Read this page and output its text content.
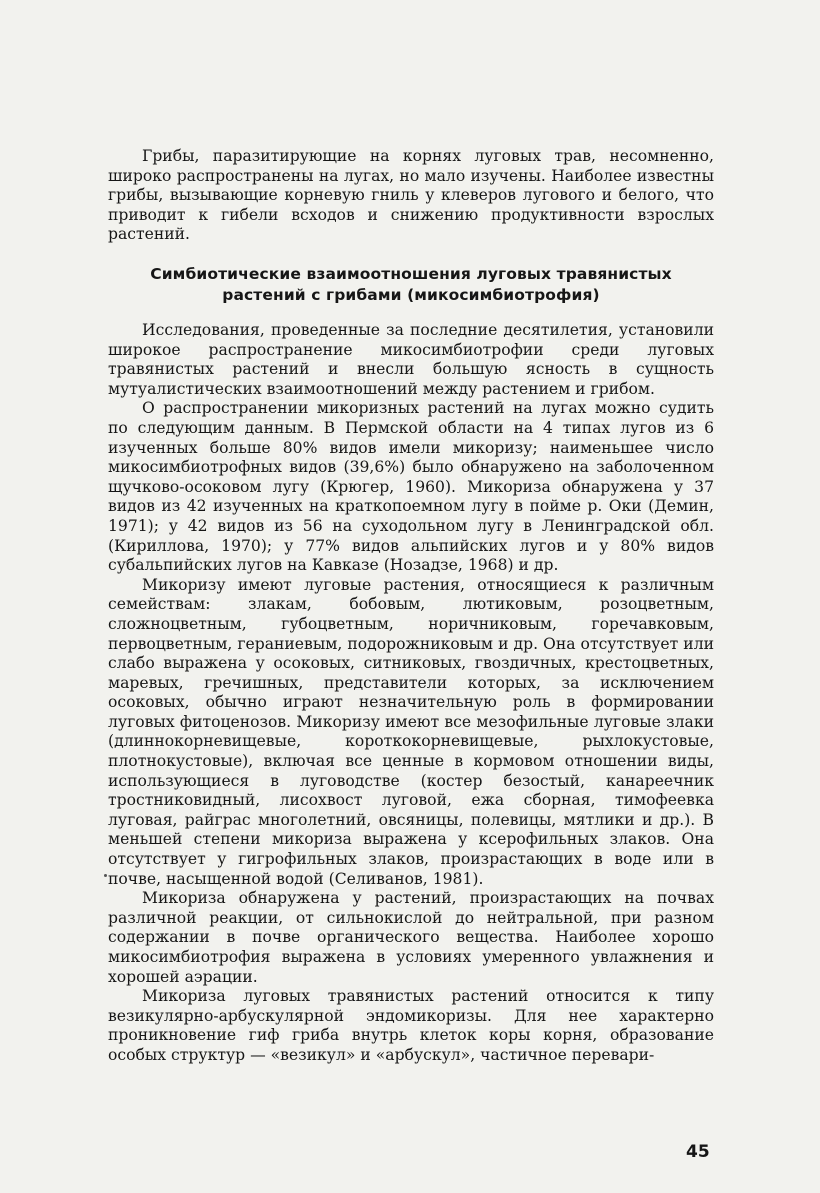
Грибы, паразитирующие на корнях луговых трав, несомненно, широко распространены на лугах, но мало изучены. Наиболее известны грибы, вызывающие корневую гниль у клеверов лугового и белого, что приводит к гибели всходов и снижению продуктивности взрослых растений.

Симбиотические взаимоотношения луговых травянистых
растений с грибами (микосимбиотрофия)

Исследования, проведенные за последние десятилетия, установили широкое распространение микосимбиотрофии среди луговых травянистых растений и внесли большую ясность в сущность мутуалистических взаимоотношений между растением и грибом.

О распространении микоризных растений на лугах можно судить по следующим данным. В Пермской области на 4 типах лугов из 6 изученных больше 80% видов имели микоризу; наименьшее число микосимбиотрофных видов (39,6%) было обнаружено на заболоченном щучково-осоковом лугу (Крюгер, 1960). Микориза обнаружена у 37 видов из 42 изученных на краткопоемном лугу в пойме р. Оки (Демин, 1971); у 42 видов из 56 на суходольном лугу в Ленинградской обл. (Кириллова, 1970); у 77% видов альпийских лугов и у 80% видов субальпийских лугов на Кавказе (Нозадзе, 1968) и др.

Микоризу имеют луговые растения, относящиеся к различным семействам: злакам, бобовым, лютиковым, розоцветным, сложноцветным, губоцветным, норичниковым, горечавковым, первоцветным, гераниевым, подорожниковым и др. Она отсутствует или слабо выражена у осоковых, ситниковых, гвоздичных, крестоцветных, маревых, гречишных, представители которых, за исключением осоковых, обычно играют незначительную роль в формировании луговых фитоценозов. Микоризу имеют все мезофильные луговые злаки (длиннокорневищевые, короткокорневищевые, рыхлокустовые, плотнокустовые), включая все ценные в кормовом отношении виды, использующиеся в луговодстве (костер безостый, канареечник тростниковидный, лисохвост луговой, ежа сборная, тимофеевка луговая, райграс многолетний, овсяницы, полевицы, мятлики и др.). В меньшей степени микориза выражена у ксерофильных злаков. Она отсутствует у гигрофильных злаков, произрастающих в воде или в почве, насыщенной водой (Селиванов, 1981).

Микориза обнаружена у растений, произрастающих на почвах различной реакции, от сильнокислой до нейтральной, при разном содержании в почве органического вещества. Наиболее хорошо микосимбиотрофия выражена в условиях умеренного увлажнения и хорошей аэрации.

Микориза луговых травянистых растений относится к типу везикулярно-арбускулярной эндомикоризы. Для нее характерно проникновение гиф гриба внутрь клеток коры корня, образование особых структур — «везикул» и «арбускул», частичное перевари-

45
